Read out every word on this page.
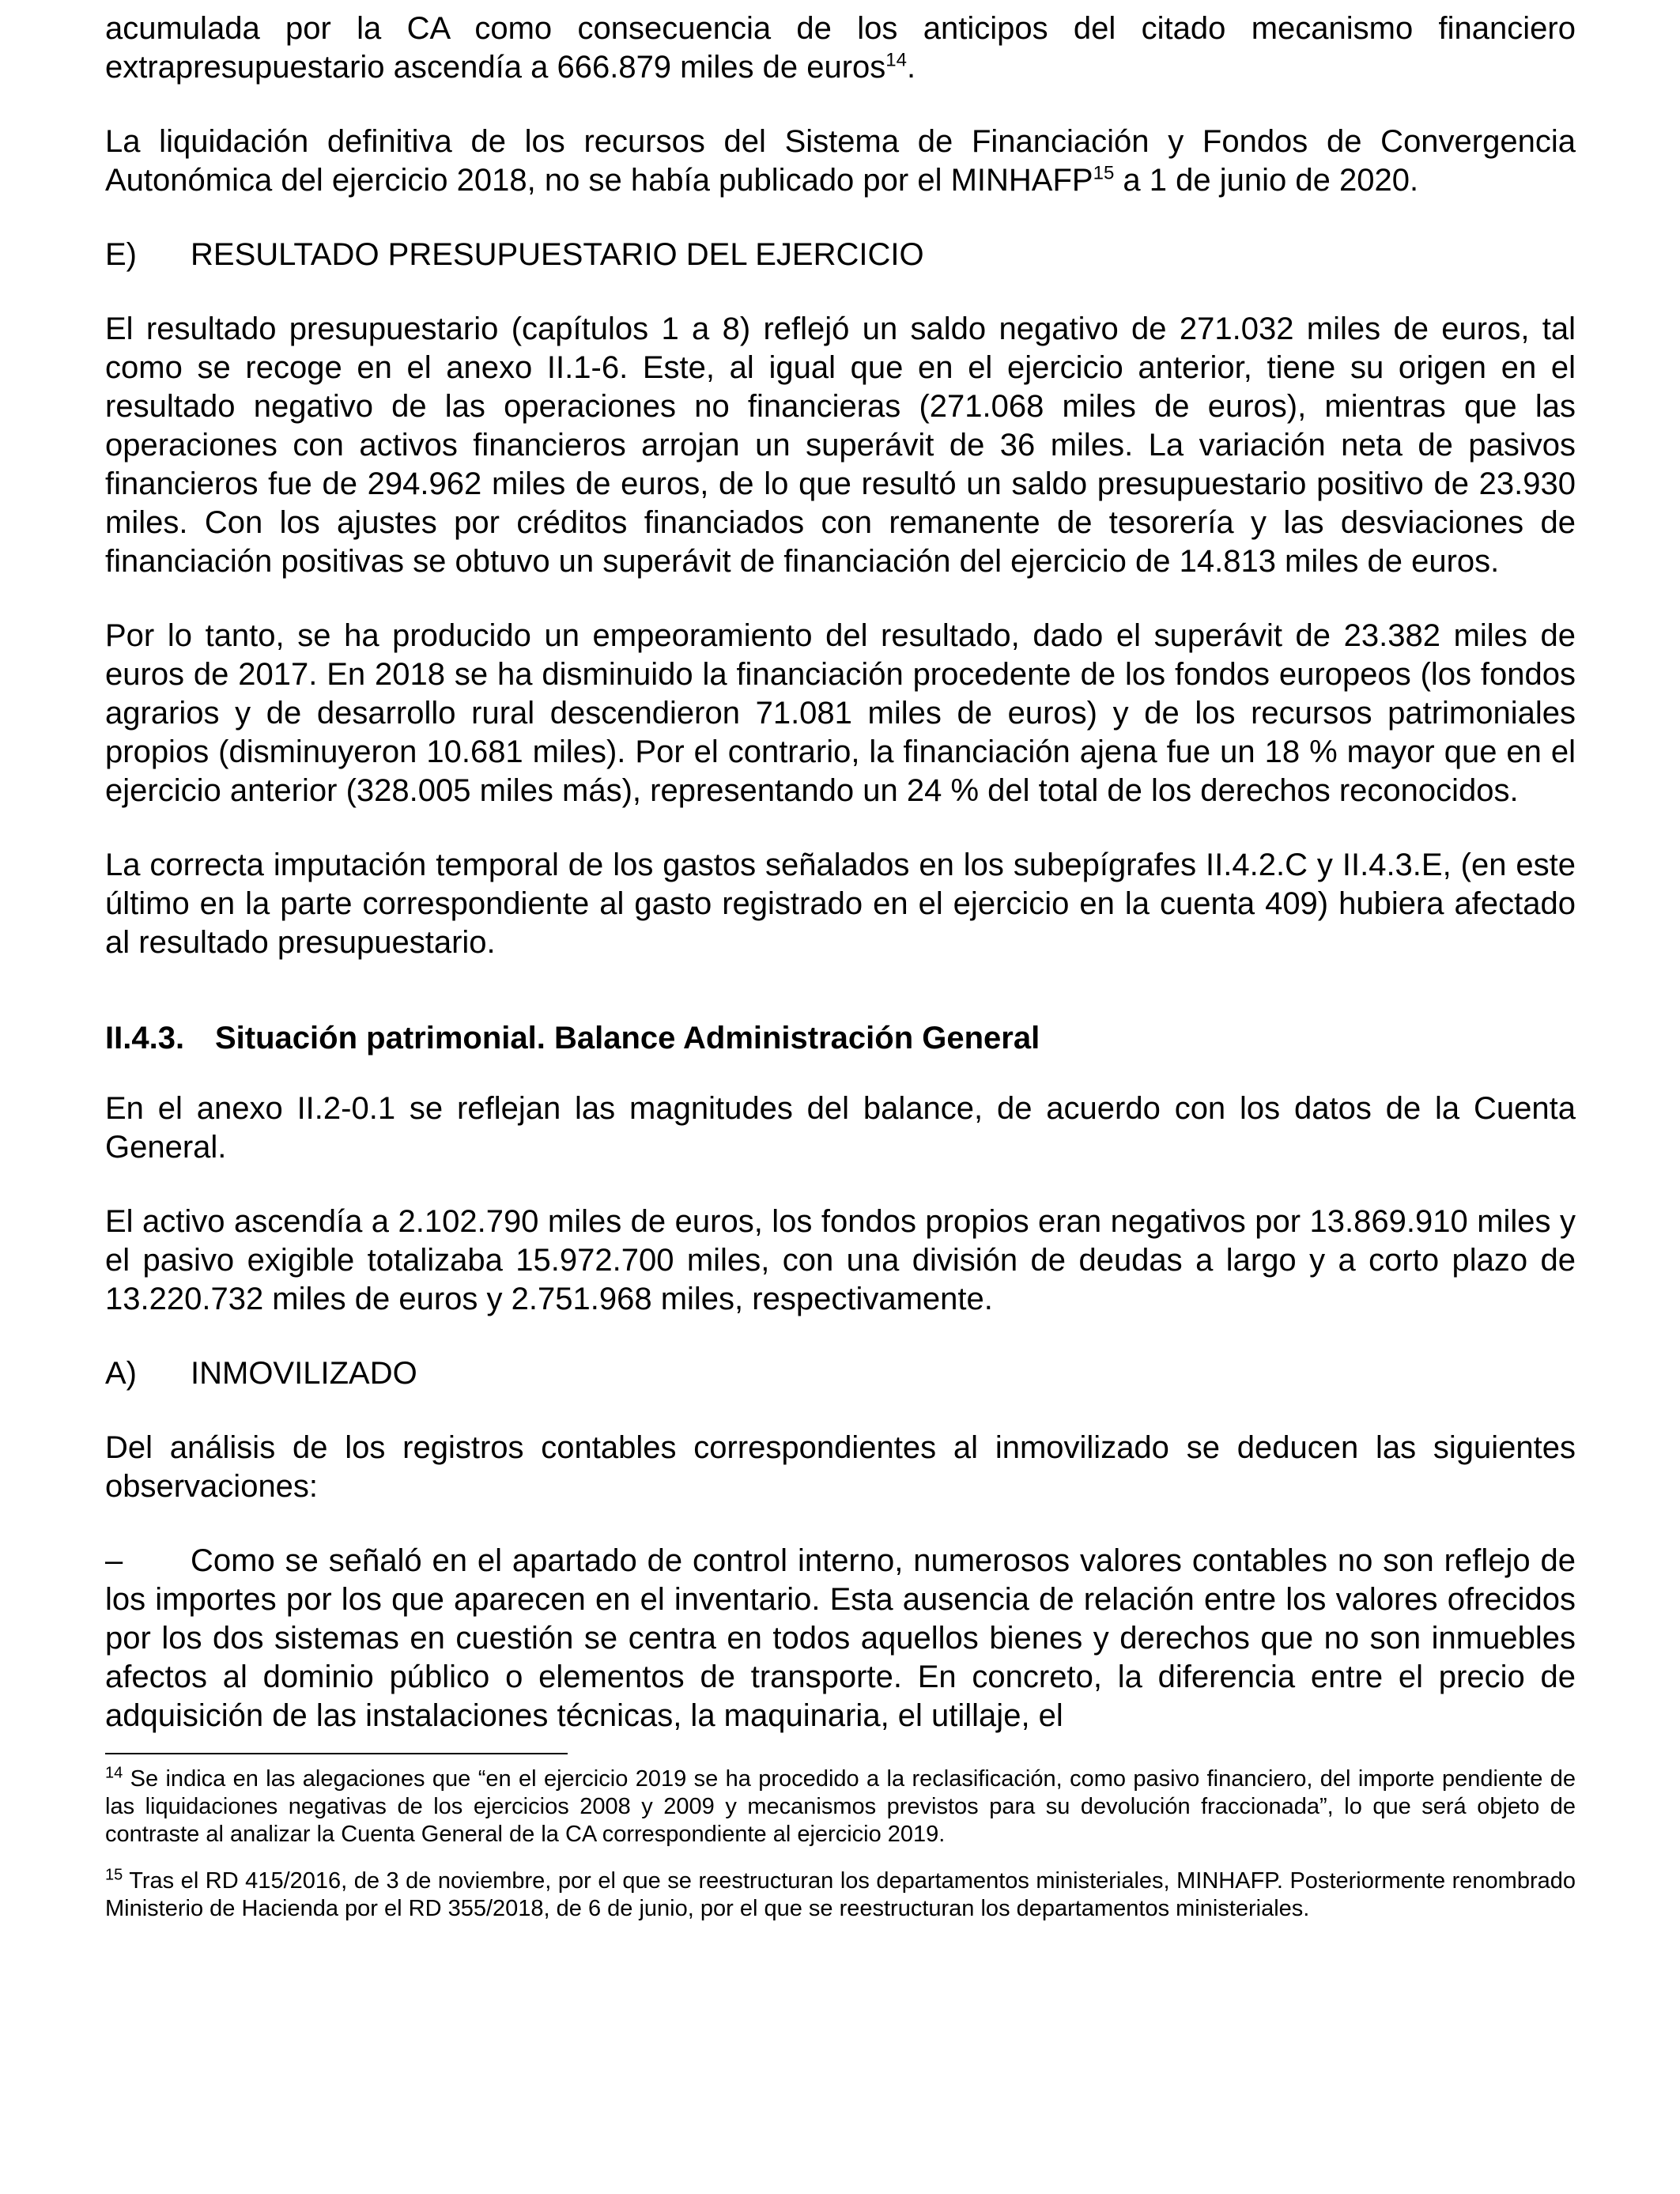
acumulada por la CA como consecuencia de los anticipos del citado mecanismo financiero extrapresupuestario ascendía a 666.879 miles de euros$^{14}$.

La liquidación definitiva de los recursos del Sistema de Financiación y Fondos de Convergencia Autonómica del ejercicio 2018, no se había publicado por el MINHAFP$^{15}$ a 1 de junio de 2020.

E)	RESULTADO PRESUPUESTARIO DEL EJERCICIO

El resultado presupuestario (capítulos 1 a 8) reflejó un saldo negativo de 271.032 miles de euros, tal como se recoge en el anexo II.1-6. Este, al igual que en el ejercicio anterior, tiene su origen en el resultado negativo de las operaciones no financieras (271.068 miles de euros), mientras que las operaciones con activos financieros arrojan un superávit de 36 miles. La variación neta de pasivos financieros fue de 294.962 miles de euros, de lo que resultó un saldo presupuestario positivo de 23.930 miles. Con los ajustes por créditos financiados con remanente de tesorería y las desviaciones de financiación positivas se obtuvo un superávit de financiación del ejercicio de 14.813 miles de euros.

Por lo tanto, se ha producido un empeoramiento del resultado, dado el superávit de 23.382 miles de euros de 2017. En 2018 se ha disminuido la financiación procedente de los fondos europeos (los fondos agrarios y de desarrollo rural descendieron 71.081 miles de euros) y de los recursos patrimoniales propios (disminuyeron 10.681 miles). Por el contrario, la financiación ajena fue un 18 % mayor que en el ejercicio anterior (328.005 miles más), representando un 24 % del total de los derechos reconocidos.

La correcta imputación temporal de los gastos señalados en los subepígrafes II.4.2.C y II.4.3.E, (en este último en la parte correspondiente al gasto registrado en el ejercicio en la cuenta 409) hubiera afectado al resultado presupuestario.

II.4.3. Situación patrimonial. Balance Administración General

En el anexo II.2-0.1 se reflejan las magnitudes del balance, de acuerdo con los datos de la Cuenta General.

El activo ascendía a 2.102.790 miles de euros, los fondos propios eran negativos por 13.869.910 miles y el pasivo exigible totalizaba 15.972.700 miles, con una división de deudas a largo y a corto plazo de 13.220.732 miles de euros y 2.751.968 miles, respectivamente.

A)	INMOVILIZADO

Del análisis de los registros contables correspondientes al inmovilizado se deducen las siguientes observaciones:

– Como se señaló en el apartado de control interno, numerosos valores contables no son reflejo de los importes por los que aparecen en el inventario. Esta ausencia de relación entre los valores ofrecidos por los dos sistemas en cuestión se centra en todos aquellos bienes y derechos que no son inmuebles afectos al dominio público o elementos de transporte. En concreto, la diferencia entre el precio de adquisición de las instalaciones técnicas, la maquinaria, el utillaje, el

$^{14}$ Se indica en las alegaciones que “en el ejercicio 2019 se ha procedido a la reclasificación, como pasivo financiero, del importe pendiente de las liquidaciones negativas de los ejercicios 2008 y 2009 y mecanismos previstos para su devolución fraccionada”, lo que será objeto de contraste al analizar la Cuenta General de la CA correspondiente al ejercicio 2019.

$^{15}$ Tras el RD 415/2016, de 3 de noviembre, por el que se reestructuran los departamentos ministeriales, MINHAFP. Posteriormente renombrado Ministerio de Hacienda por el RD 355/2018, de 6 de junio, por el que se reestructuran los departamentos ministeriales.
